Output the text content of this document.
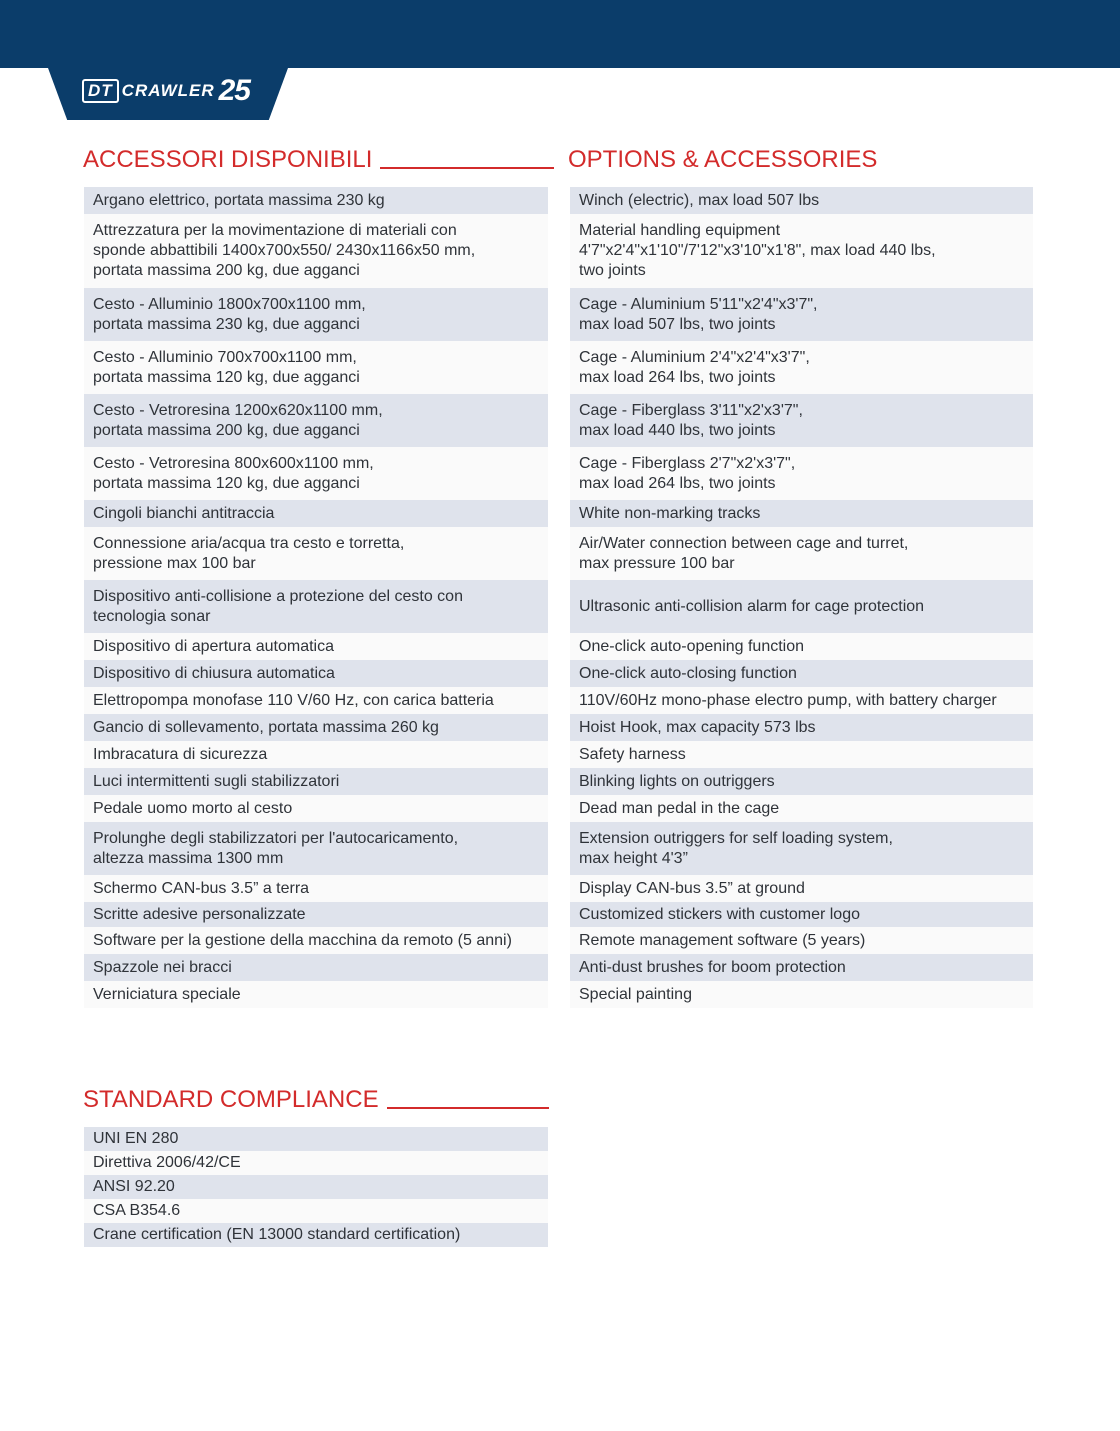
DT CRAWLER 25
ACCESSORI DISPONIBILI	OPTIONS & ACCESSORIES
Argano elettrico, portata massima 230 kg
Attrezzatura per la movimentazione di materiali con
sponde abbattibili 1400x700x550/ 2430x1166x50 mm,
portata massima 200 kg, due agganci
Cesto - Alluminio 1800x700x1100 mm,
portata massima 230 kg, due agganci
Cesto - Alluminio 700x700x1100 mm,
portata massima 120 kg, due agganci
Cesto - Vetroresina 1200x620x1100 mm,
portata massima 200 kg, due agganci
Cesto - Vetroresina 800x600x1100 mm,
portata massima 120 kg, due agganci
Cingoli bianchi antitraccia
Connessione aria/acqua tra cesto e torretta,
pressione max 100 bar
Dispositivo anti-collisione a protezione del cesto con
tecnologia sonar
Dispositivo di apertura automatica
Dispositivo di chiusura automatica
Elettropompa monofase 110 V/60 Hz, con carica batteria
Gancio di sollevamento, portata massima 260 kg
Imbracatura di sicurezza
Luci intermittenti sugli stabilizzatori
Pedale uomo morto al cesto
Prolunghe degli stabilizzatori per l'autocaricamento,
altezza massima 1300 mm
Schermo CAN-bus 3.5” a terra
Scritte adesive personalizzate
Software per la gestione della macchina da remoto (5 anni)
Spazzole nei bracci
Verniciatura speciale
Winch (electric), max load 507 lbs
Material handling equipment
4'7"x2'4"x1'10"/7'12"x3'10"x1'8", max load 440 lbs,
two joints
Cage - Aluminium 5'11"x2'4"x3'7",
max load 507 lbs, two joints
Cage - Aluminium 2'4"x2'4"x3'7",
max load 264 lbs, two joints
Cage - Fiberglass 3'11"x2'x3'7",
max load 440 lbs, two joints
Cage - Fiberglass 2'7"x2'x3'7",
max load 264 lbs, two joints
White non-marking tracks
Air/Water connection between cage and turret,
max pressure 100 bar
Ultrasonic anti-collision alarm for cage protection
One-click auto-opening function
One-click auto-closing function
110V/60Hz mono-phase electro pump, with battery charger
Hoist Hook, max capacity 573 lbs
Safety harness
Blinking lights on outriggers
Dead man pedal in the cage
Extension outriggers for self loading system,
max height 4'3”
Display CAN-bus 3.5” at ground
Customized stickers with customer logo
Remote management software (5 years)
Anti-dust brushes for boom protection
Special painting
STANDARD COMPLIANCE
UNI EN 280
Direttiva 2006/42/CE
ANSI 92.20
CSA B354.6
Crane certification (EN 13000 standard certification)
